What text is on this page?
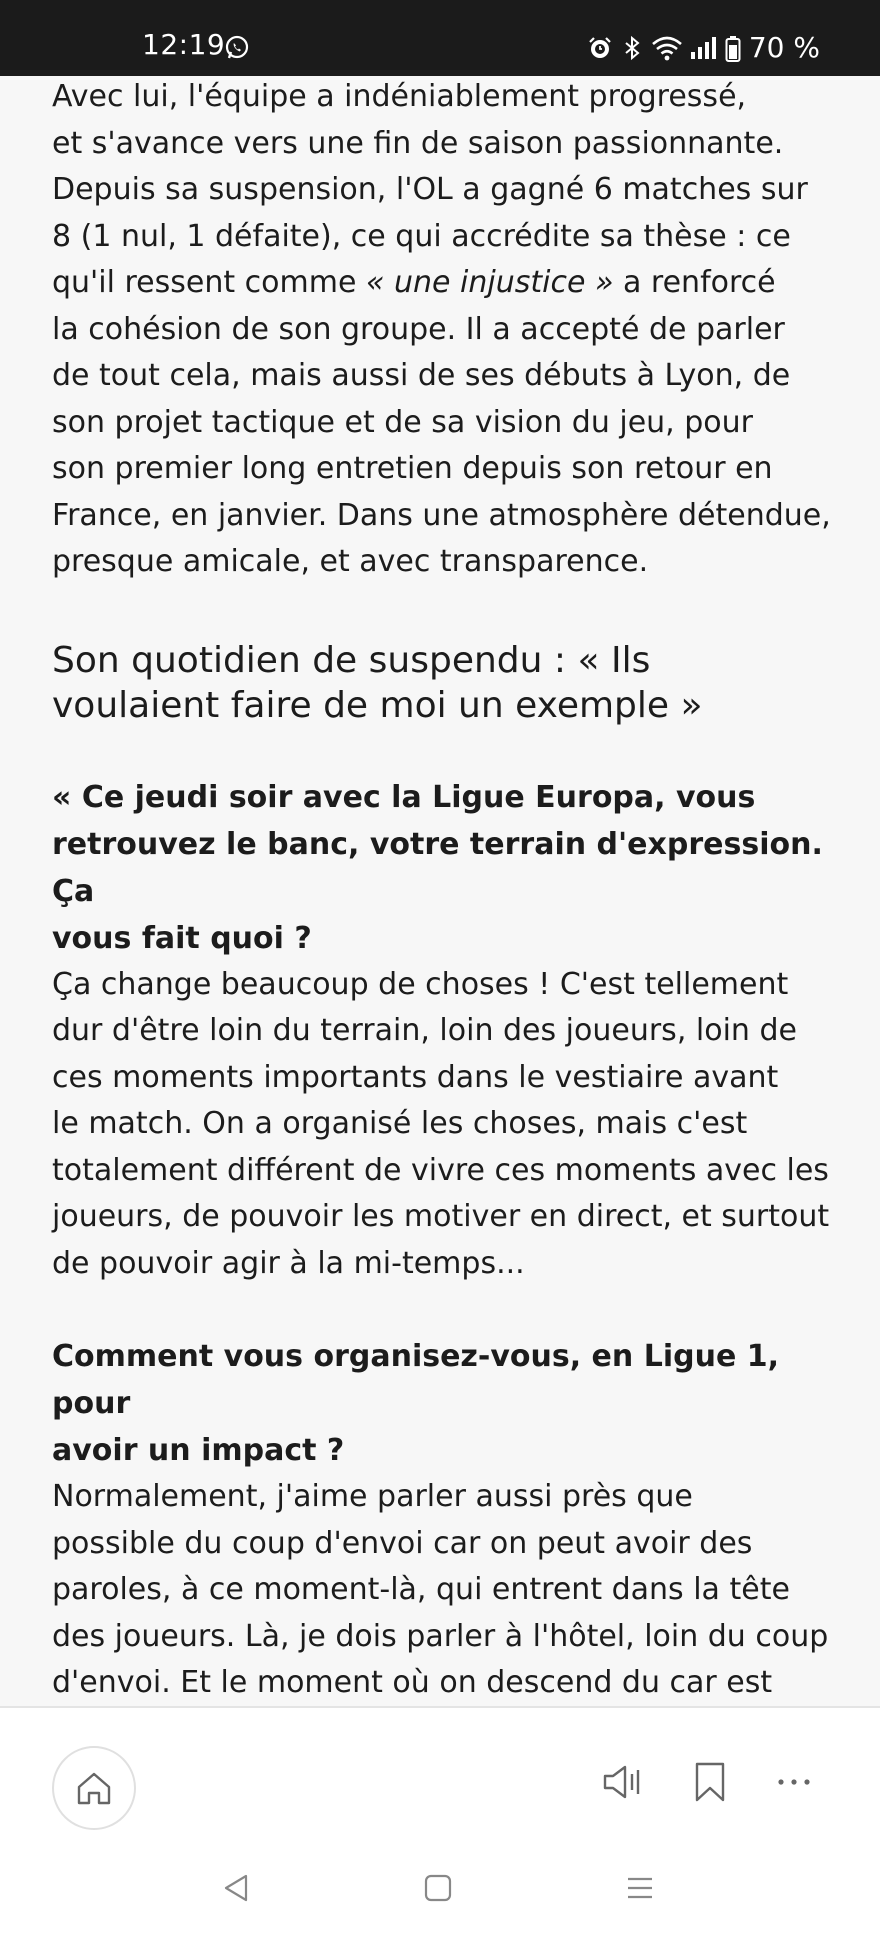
12:19	70 %
Avec lui, l'équipe a indéniablement progressé,
et s'avance vers une fin de saison passionnante.
Depuis sa suspension, l'OL a gagné 6 matches sur
8 (1 nul, 1 défaite), ce qui accrédite sa thèse : ce
qu'il ressent comme « une injustice » a renforcé
la cohésion de son groupe. Il a accepté de parler
de tout cela, mais aussi de ses débuts à Lyon, de
son projet tactique et de sa vision du jeu, pour
son premier long entretien depuis son retour en
France, en janvier. Dans une atmosphère détendue,
presque amicale, et avec transparence.
Son quotidien de suspendu : « Ils
voulaient faire de moi un exemple »
« Ce jeudi soir avec la Ligue Europa, vous
retrouvez le banc, votre terrain d'expression. Ça
vous fait quoi ?
Ça change beaucoup de choses ! C'est tellement
dur d'être loin du terrain, loin des joueurs, loin de
ces moments importants dans le vestiaire avant
le match. On a organisé les choses, mais c'est
totalement différent de vivre ces moments avec les
joueurs, de pouvoir les motiver en direct, et surtout
de pouvoir agir à la mi-temps...
Comment vous organisez-vous, en Ligue 1, pour
avoir un impact ?
Normalement, j'aime parler aussi près que
possible du coup d'envoi car on peut avoir des
paroles, à ce moment-là, qui entrent dans la tête
des joueurs. Là, je dois parler à l'hôtel, loin du coup
d'envoi. Et le moment où on descend du car est
